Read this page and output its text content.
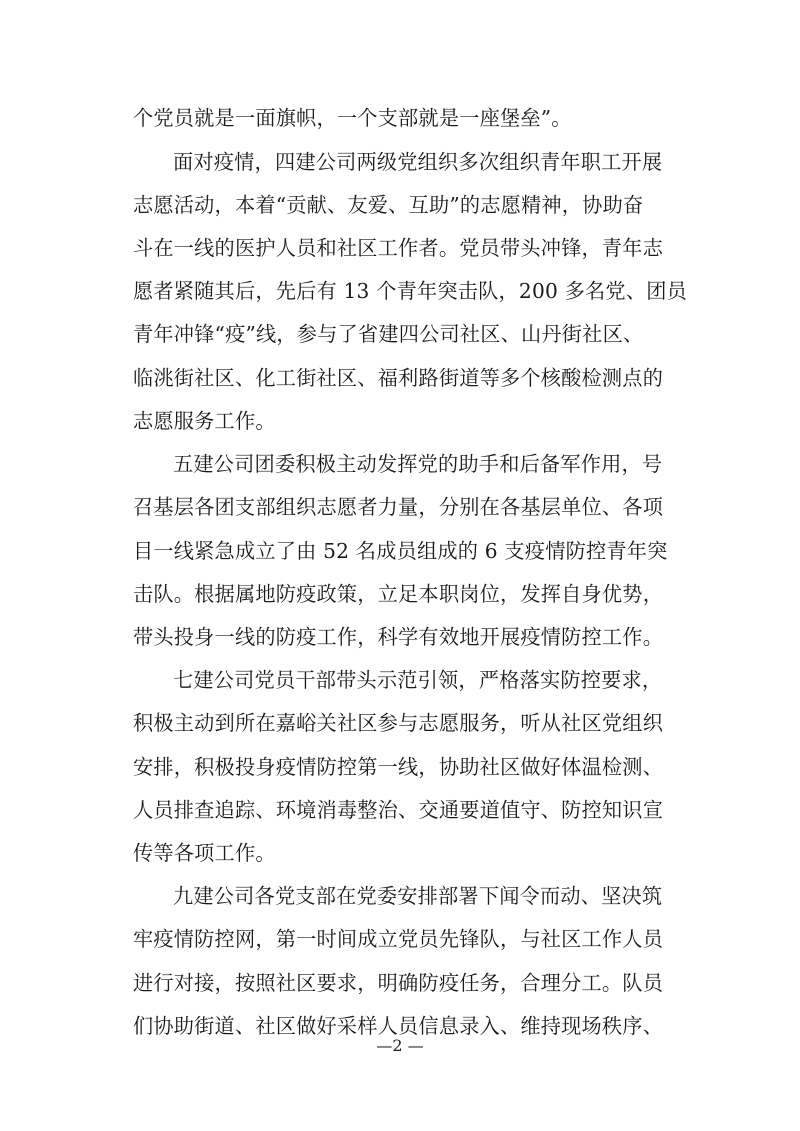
个党员就是一面旗帜，一个支部就是一座堡垒”。
面对疫情，四建公司两级党组织多次组织青年职工开展
志愿活动，本着“贡献、友爱、互助”的志愿精神，协助奋
斗在一线的医护人员和社区工作者。党员带头冲锋，青年志
愿者紧随其后，先后有 13 个青年突击队，200 多名党、团员
青年冲锋“疫”线，参与了省建四公司社区、山丹街社区、
临洮街社区、化工街社区、福利路街道等多个核酸检测点的
志愿服务工作。
五建公司团委积极主动发挥党的助手和后备军作用，号
召基层各团支部组织志愿者力量，分别在各基层单位、各项
目一线紧急成立了由 52 名成员组成的 6 支疫情防控青年突
击队。根据属地防疫政策，立足本职岗位，发挥自身优势，
带头投身一线的防疫工作，科学有效地开展疫情防控工作。
七建公司党员干部带头示范引领，严格落实防控要求，
积极主动到所在嘉峪关社区参与志愿服务，听从社区党组织
安排，积极投身疫情防控第一线，协助社区做好体温检测、
人员排查追踪、环境消毒整治、交通要道值守、防控知识宣
传等各项工作。
九建公司各党支部在党委安排部署下闻令而动、坚决筑
牢疫情防控网，第一时间成立党员先锋队，与社区工作人员
进行对接，按照社区要求，明确防疫任务，合理分工。队员
们协助街道、社区做好采样人员信息录入、维持现场秩序、
—2 —
